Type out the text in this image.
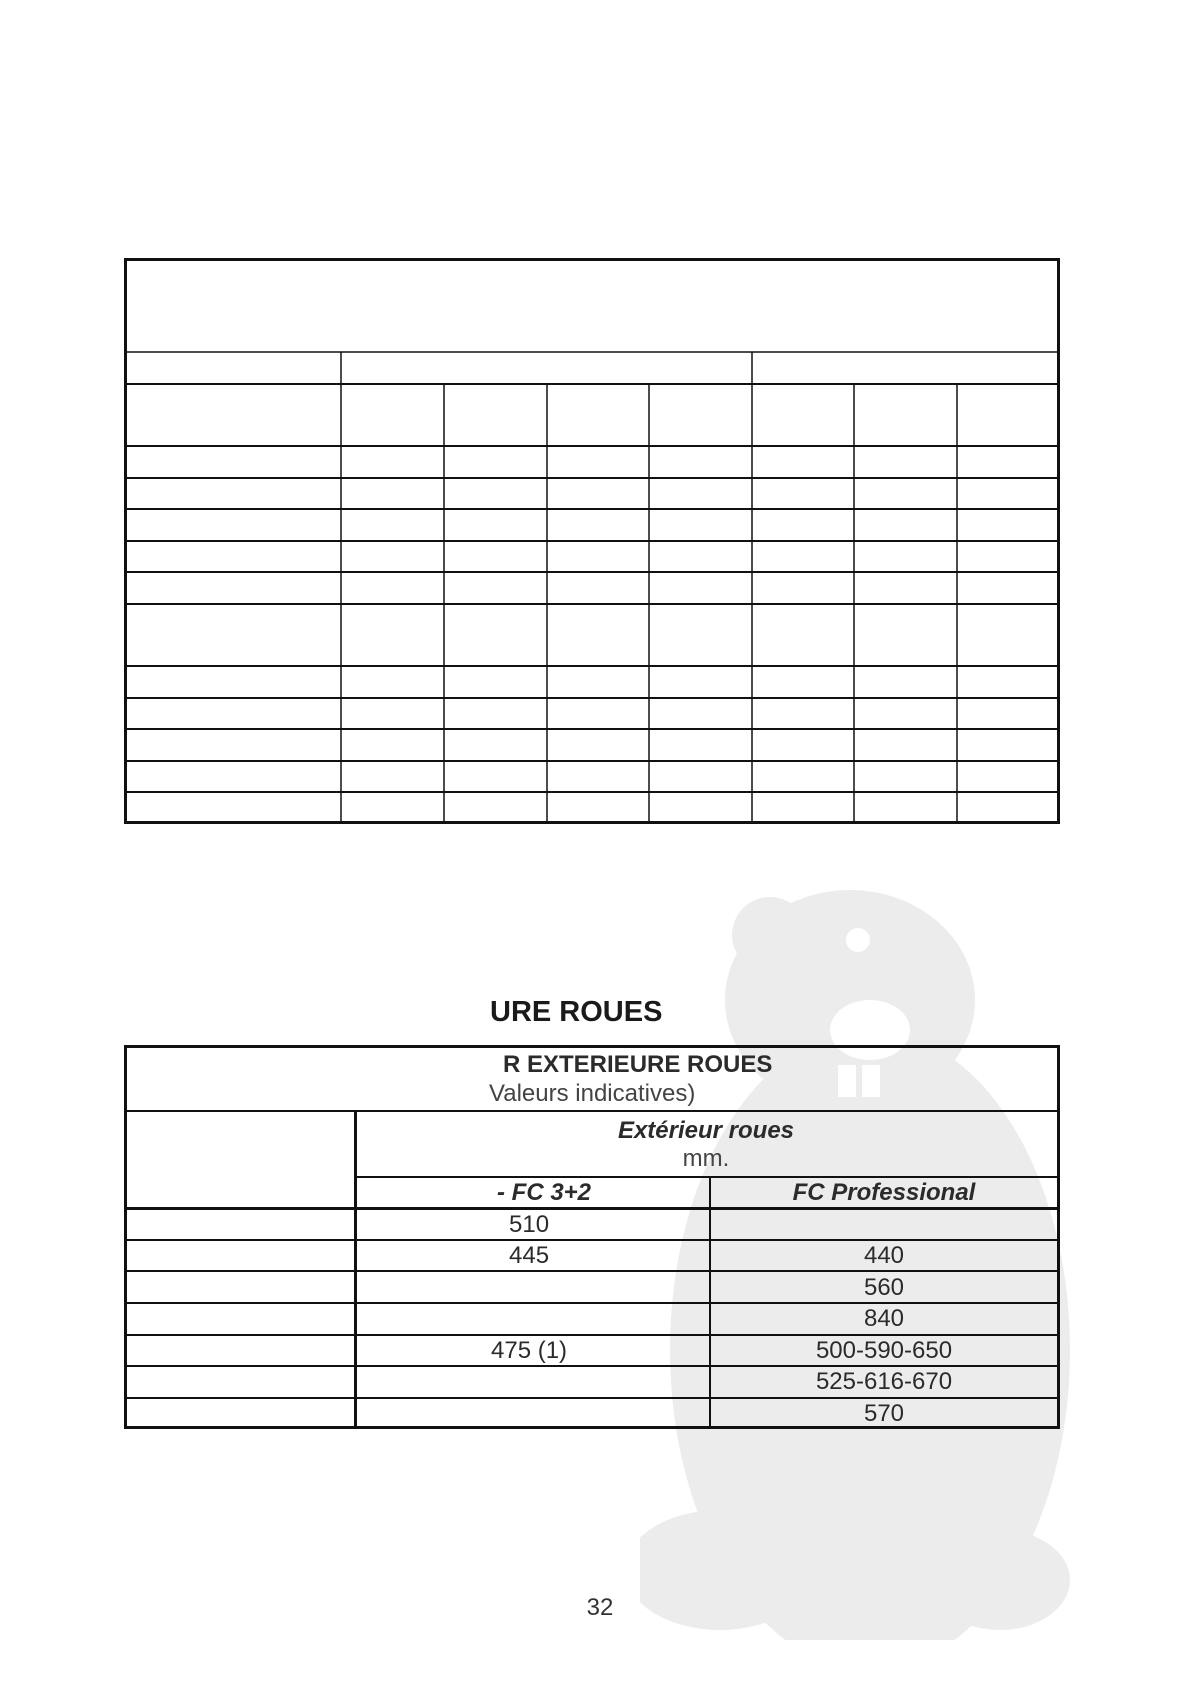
URE ROUES
R EXTERIEURE ROUES
Valeurs indicatives)
Extérieur roues
mm.
- FC 3+2	FC Professional
510
445
475 (1)
440
560
840
500-590-650
525-616-670
570
32
